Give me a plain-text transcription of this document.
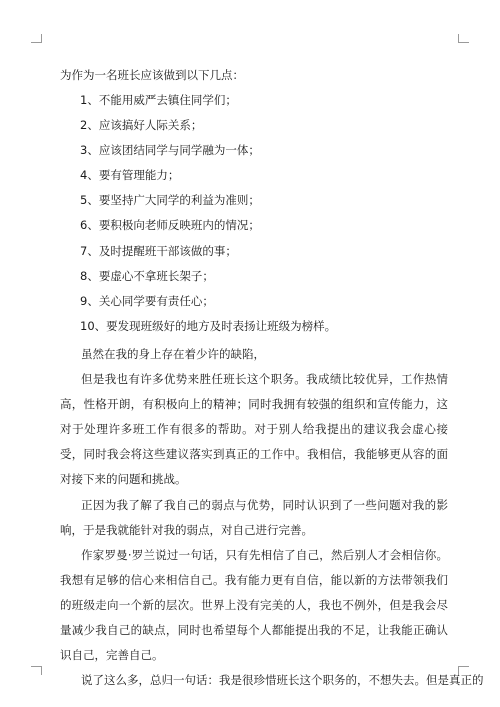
为作为一名班长应该做到以下几点：

1、不能用威严去镇住同学们；
2、应该搞好人际关系；
3、应该团结同学与同学融为一体；
4、要有管理能力；
5、要坚持广大同学的利益为准则；
6、要积极向老师反映班内的情况；
7、及时提醒班干部该做的事；
8、要虚心不拿班长架子；
9、关心同学要有责任心；
10、要发现班级好的地方及时表扬让班级为榜样。

虽然在我的身上存在着少许的缺陷，

但是我也有许多优势来胜任班长这个职务。我成绩比较优异，工作热情高，性格开朗，有积极向上的精神；同时我拥有较强的组织和宣传能力，这对于处理许多班工作有很多的帮助。对于别人给我提出的建议我会虚心接受，同时我会将这些建议落实到真正的工作中。我相信，我能够更从容的面对接下来的问题和挑战。

正因为我了解了我自己的弱点与优势，同时认识到了一些问题对我的影响，于是我就能针对我的弱点，对自己进行完善。

作家罗曼·罗兰说过一句话，只有先相信了自己，然后别人才会相信你。我想有足够的信心来相信自己。我有能力更有自信，能以新的方法带领我们的班级走向一个新的层次。世界上没有完美的人，我也不例外，但是我会尽量减少我自己的缺点，同时也希望每个人都能提出我的不足，让我能正确认识自己，完善自己。

说了这么多，总归一句话：我是很珍惜班长这个职务的，不想失去。但是真正的
